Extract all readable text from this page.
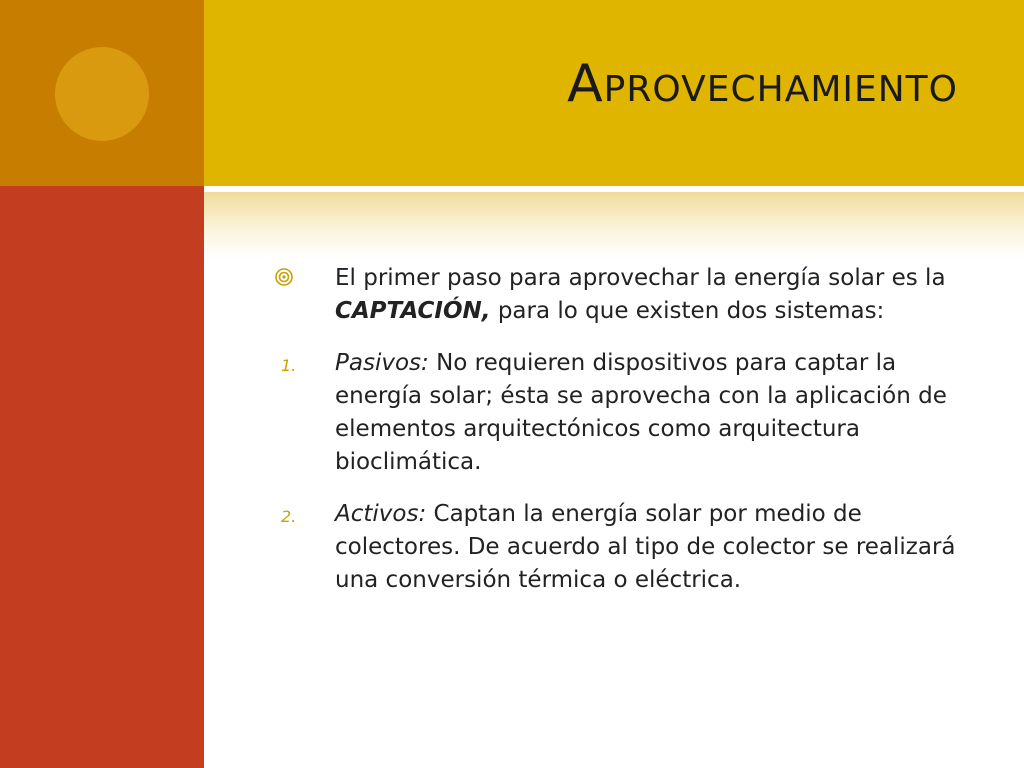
Aprovechamiento
El primer paso para aprovechar la energía solar es la CAPTACIÓN, para lo que existen dos sistemas:
1. Pasivos: No requieren dispositivos para captar la energía solar; ésta se aprovecha con la aplicación de elementos arquitectónicos como arquitectura bioclimática.
2. Activos: Captan la energía solar por medio de colectores. De acuerdo al tipo de colector se realizará una conversión térmica o eléctrica.
